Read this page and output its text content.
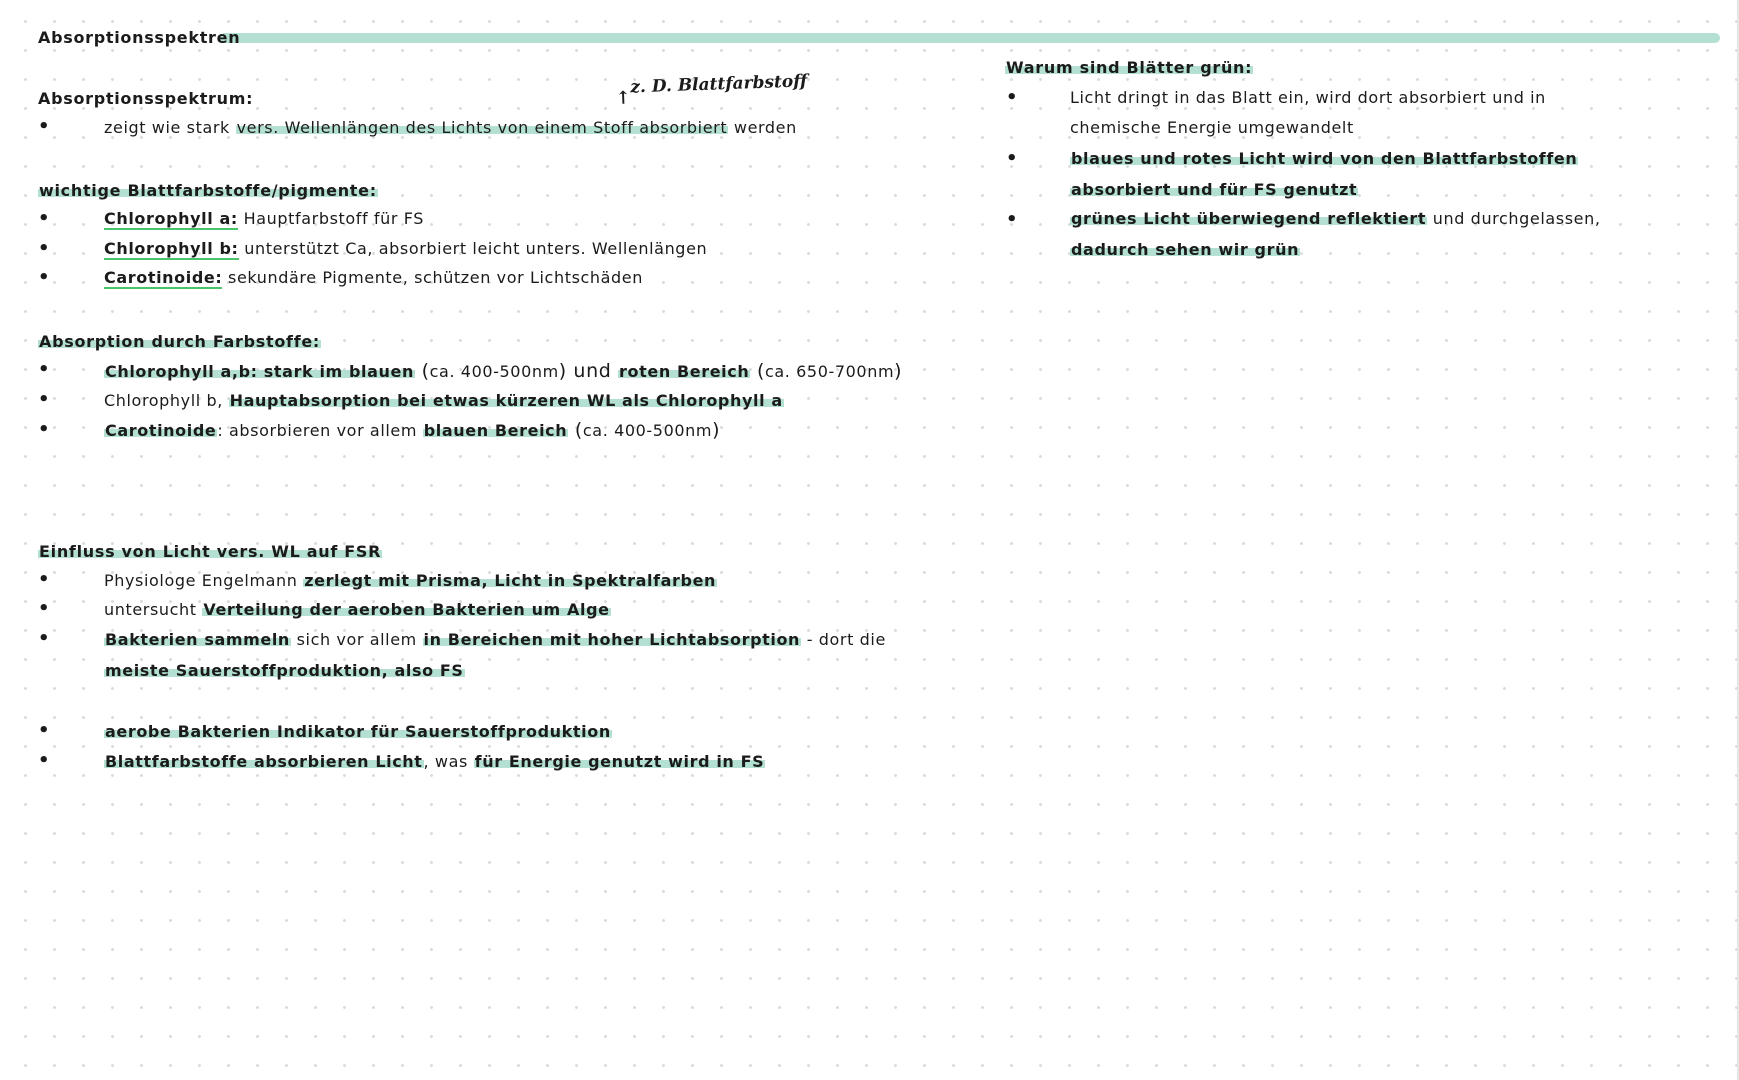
Absorptionsspektren
↑
z. D. Blattfarbstoff
Absorptionsspektrum:
•	zeigt wie stark vers. Wellenlängen des Lichts von einem Stoff absorbiert werden
wichtige Blattfarbstoffe/pigmente:
•	Chlorophyll a: Hauptfarbstoff für FS
•	Chlorophyll b: unterstützt Ca, absorbiert leicht unters. Wellenlängen
•	Carotinoide: sekundäre Pigmente, schützen vor Lichtschäden
Absorption durch Farbstoffe:
•	Chlorophyll a,b: stark im blauen (ca. 400-500nm) und roten Bereich (ca. 650-700nm)
•	Chlorophyll b, Hauptabsorption bei etwas kürzeren WL als Chlorophyll a
•	Carotinoide: absorbieren vor allem blauen Bereich (ca. 400-500nm)
Einfluss von Licht vers. WL auf FSR
•	Physiologe Engelmann zerlegt mit Prisma, Licht in Spektralfarben
•	untersucht Verteilung der aeroben Bakterien um Alge
•	Bakterien sammeln sich vor allem in Bereichen mit hoher Lichtabsorption - dort die
meiste Sauerstoffproduktion, also FS
•	aerobe Bakterien Indikator für Sauerstoffproduktion
•	Blattfarbstoffe absorbieren Licht, was für Energie genutzt wird in FS
Warum sind Blätter grün:
•	Licht dringt in das Blatt ein, wird dort absorbiert und in
chemische Energie umgewandelt
•	blaues und rotes Licht wird von den Blattfarbstoffen
absorbiert und für FS genutzt
•	grünes Licht überwiegend reflektiert und durchgelassen,
dadurch sehen wir grün
